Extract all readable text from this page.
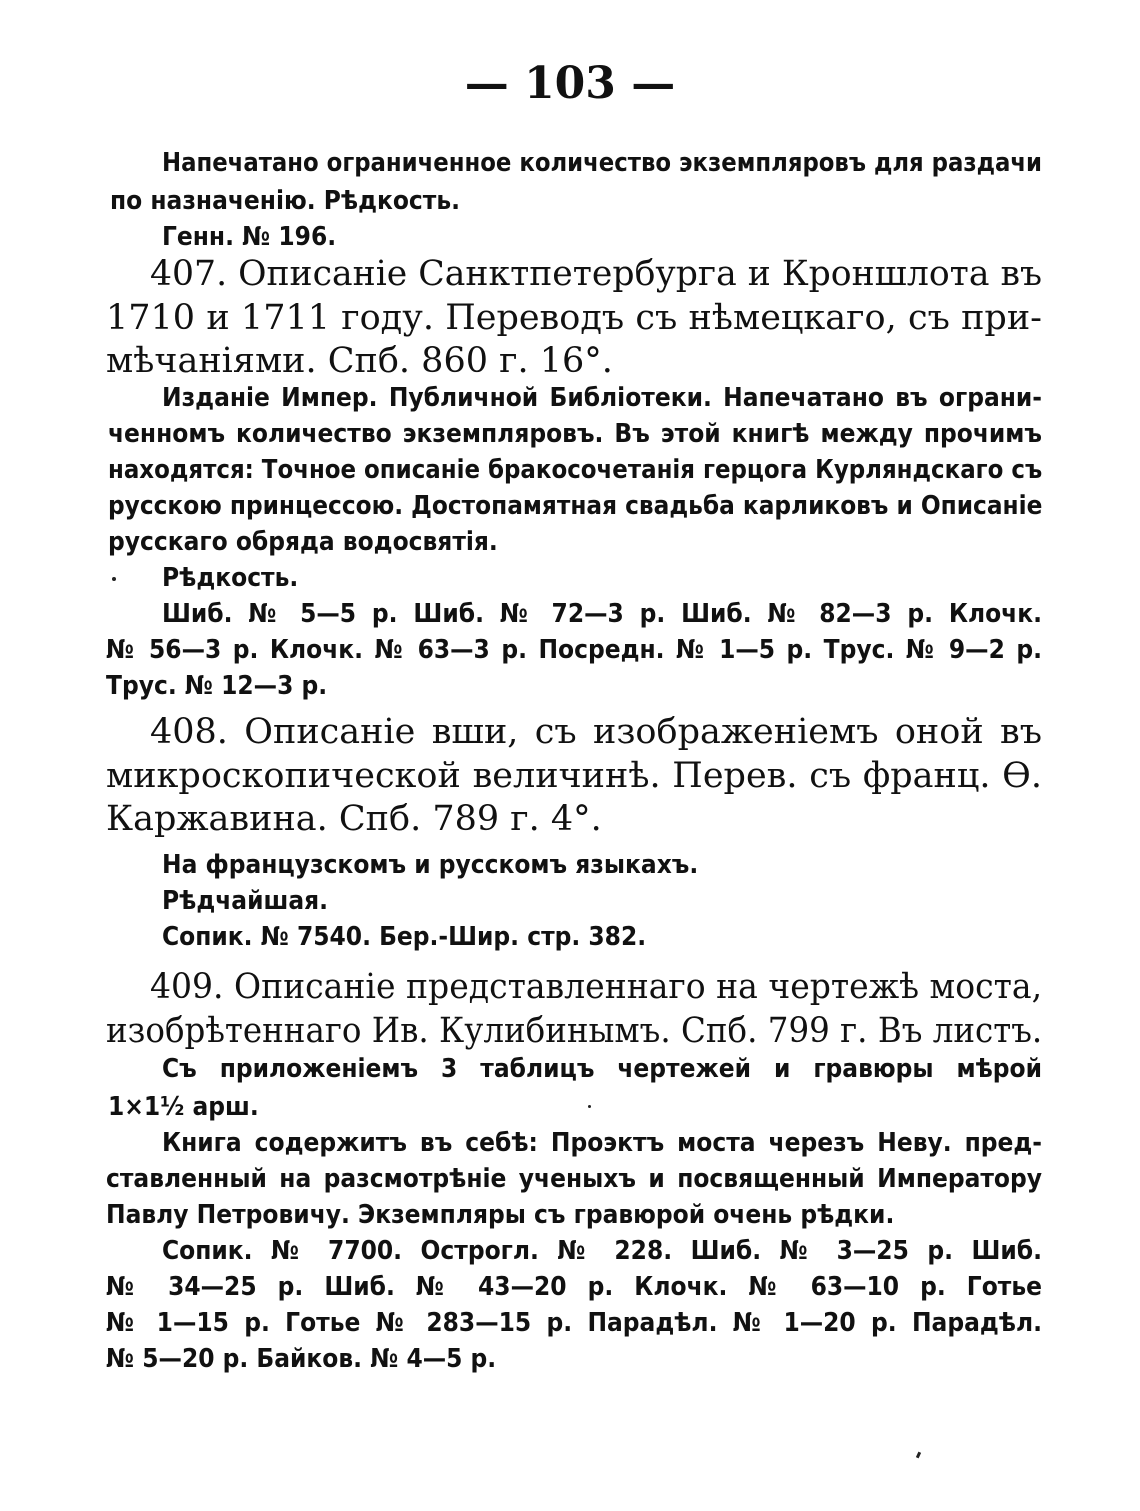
— 103 —
Напечатано ограниченное количество экземпляровъ для раздачи
по назначенію. Рѣдкость.
Генн. № 196.
407. Описаніе Санктпетербурга и Кроншлота въ
1710 и 1711 году. Переводъ съ нѣмецкаго, съ при-
мѣчаніями. Спб. 860 г. 16°.
Изданіе Импер. Публичной Библіотеки. Напечатано въ ограни-
ченномъ количество экземпляровъ. Въ этой книгѣ между прочимъ
находятся: Точное описаніе бракосочетанія герцога Курляндскаго съ
русскою принцессою. Достопамятная свадьба карликовъ и Описаніе
русскаго обряда водосвятія.
Рѣдкость.
Шиб. № 5—5 р. Шиб. № 72—3 р. Шиб. № 82—3 р. Клочк.
№ 56—3 р. Клочк. № 63—3 р. Посредн. № 1—5 р. Трус. № 9—2 р.
Трус. № 12—3 р.
408. Описаніе вши, съ изображеніемъ оной въ
микроскопической величинѣ. Перев. съ франц. Ѳ.
Каржавина. Спб. 789 г. 4°.
На французскомъ и русскомъ языкахъ.
Рѣдчайшая.
Сопик. № 7540. Бер.-Шир. стр. 382.
409. Описаніе представленнаго на чертежѣ моста,
изобрѣтеннаго Ив. Кулибинымъ. Спб. 799 г. Въ листъ.
Съ приложеніемъ 3 таблицъ чертежей и гравюры мѣрой
1×1½ арш.
Книга содержитъ въ себѣ: Проэктъ моста черезъ Неву. пред-
ставленный на разсмотрѣніе ученыхъ и посвященный Императору
Павлу Петровичу. Экземпляры съ гравюрой очень рѣдки.
Сопик. № 7700. Острогл. № 228. Шиб. № 3—25 р. Шиб.
№ 34—25 р. Шиб. № 43—20 р. Клочк. № 63—10 р. Готье
№ 1—15 р. Готье № 283—15 р. Парадѣл. № 1—20 р. Парадѣл.
№ 5—20 р. Байков. № 4—5 р.
